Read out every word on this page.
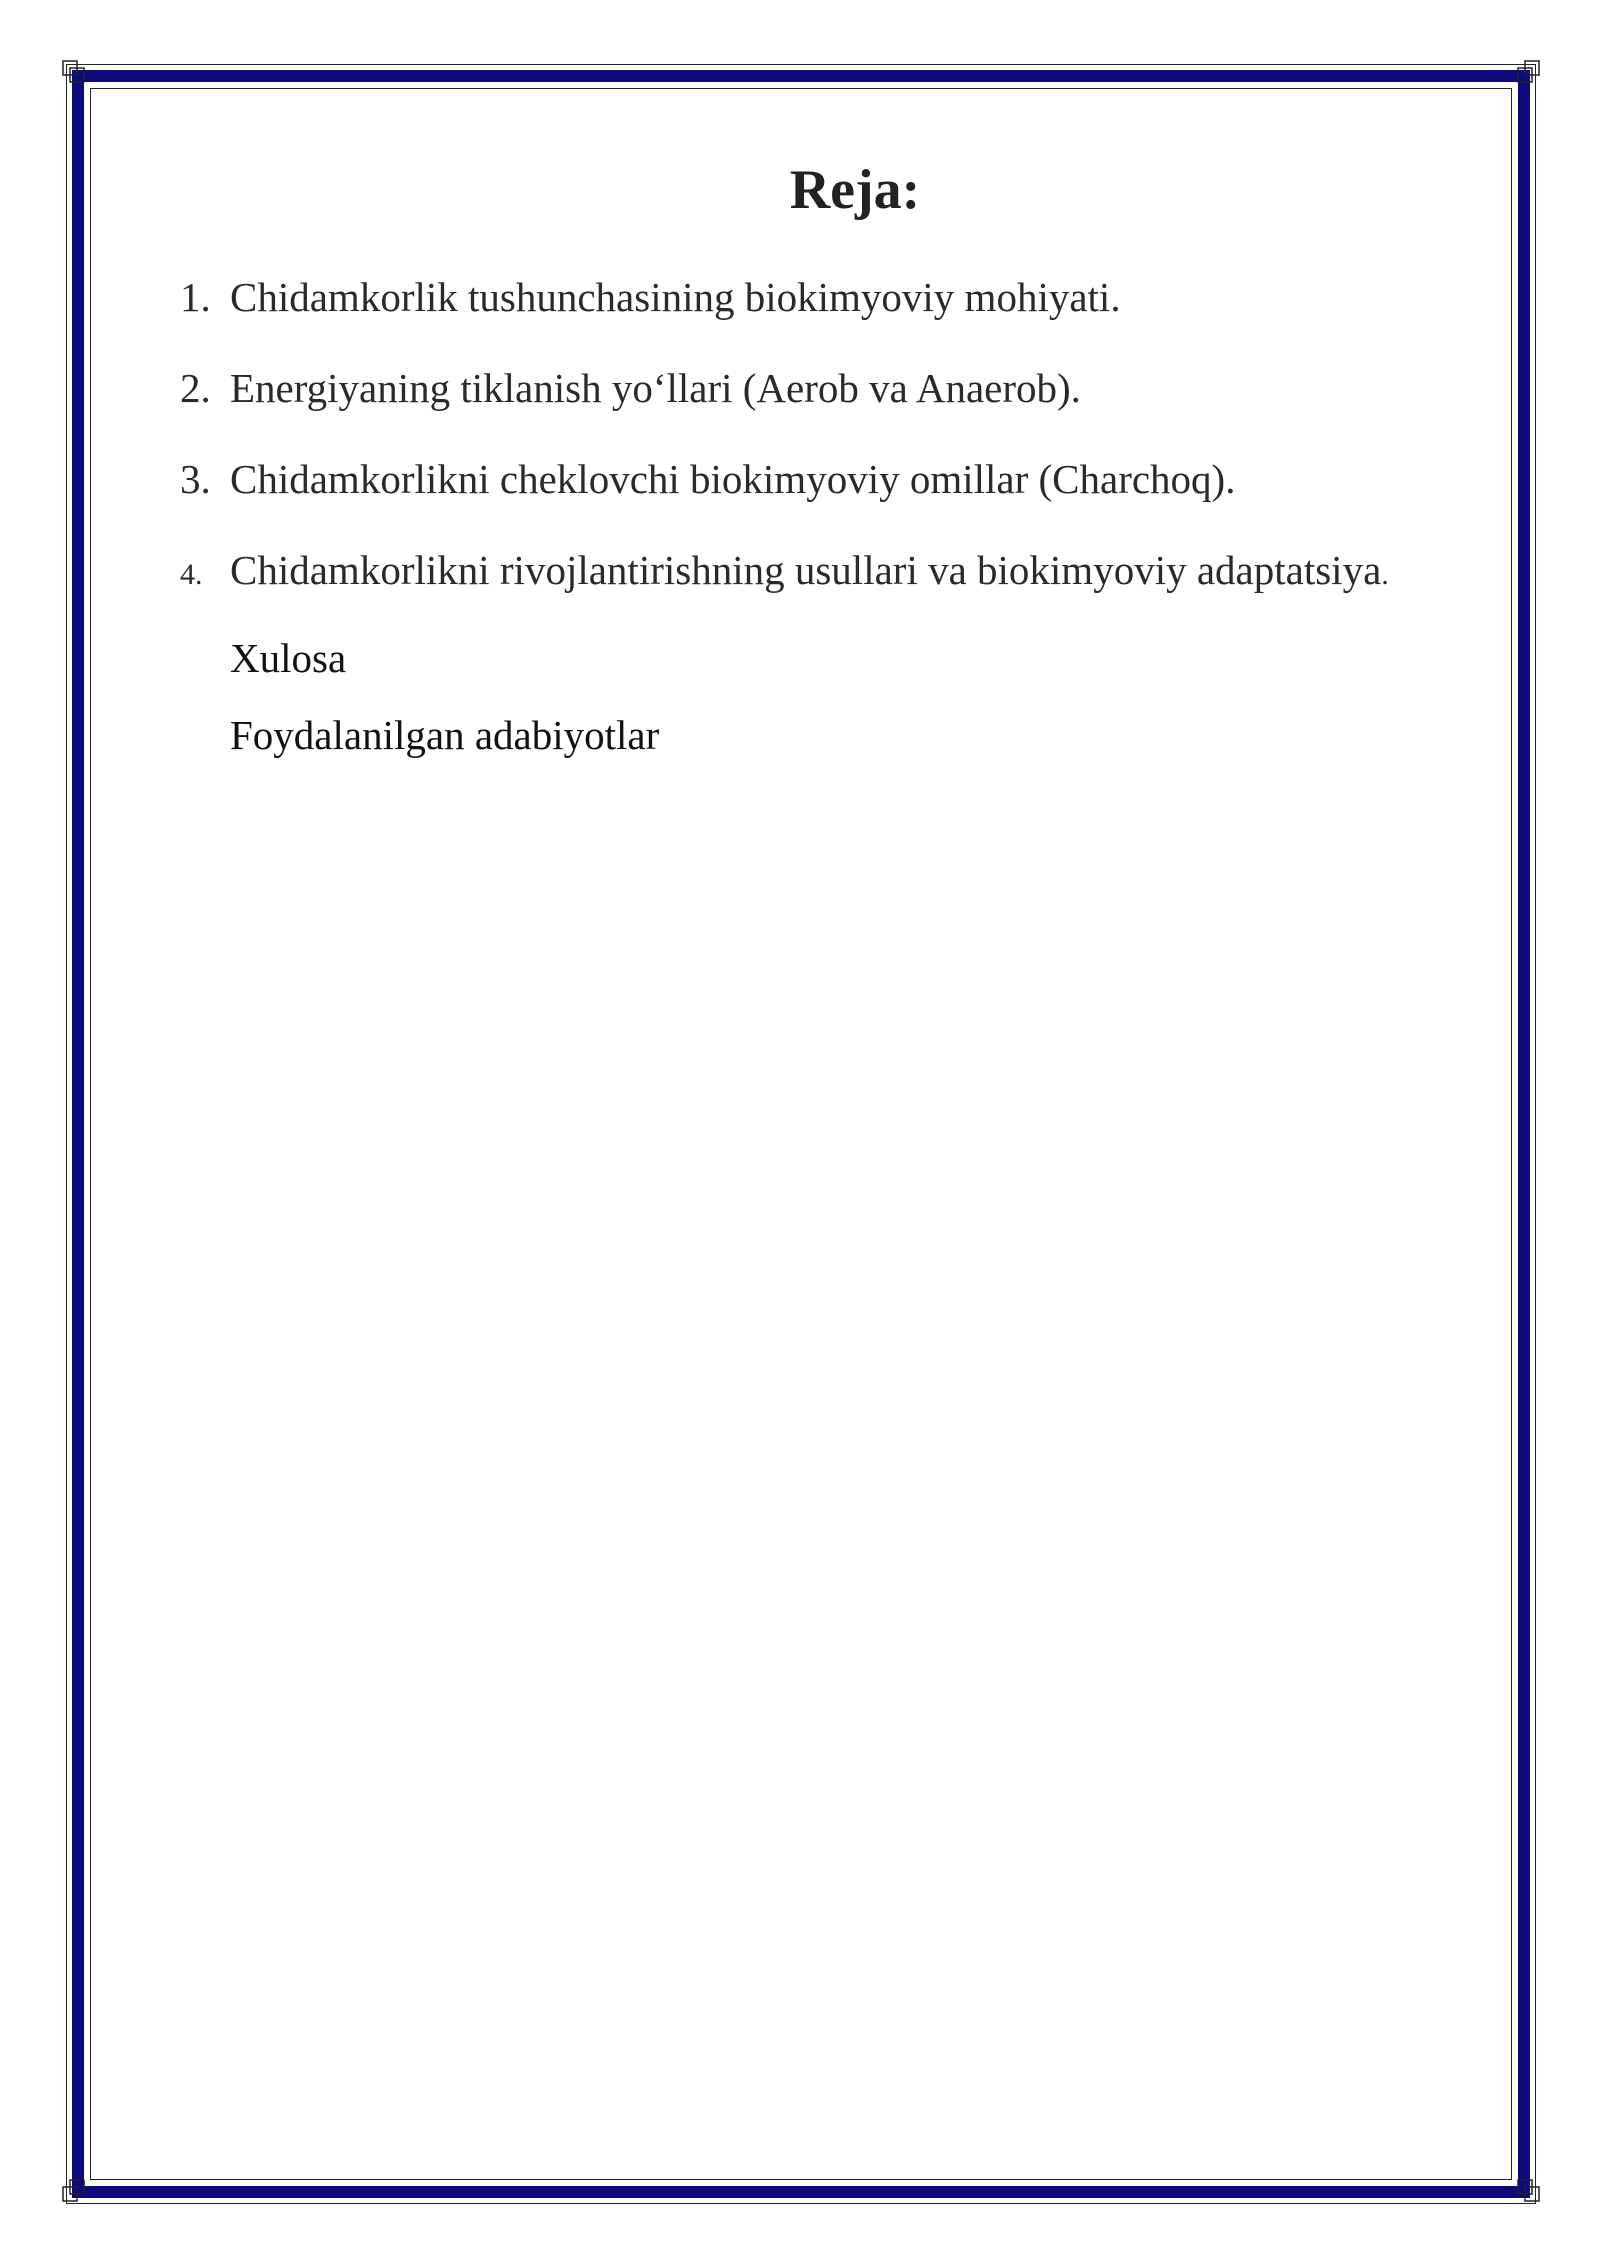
Reja:
1. Chidamkorlik tushunchasining biokimyoviy mohiyati.
2. Energiyaning tiklanish yo‘llari (Aerob va Anaerob).
3. Chidamkorlikni cheklovchi biokimyoviy omillar (Charchoq).
4. Chidamkorlikni rivojlantirishning usullari va biokimyoviy adaptatsiya.
Xulosa
Foydalanilgan adabiyotlar
